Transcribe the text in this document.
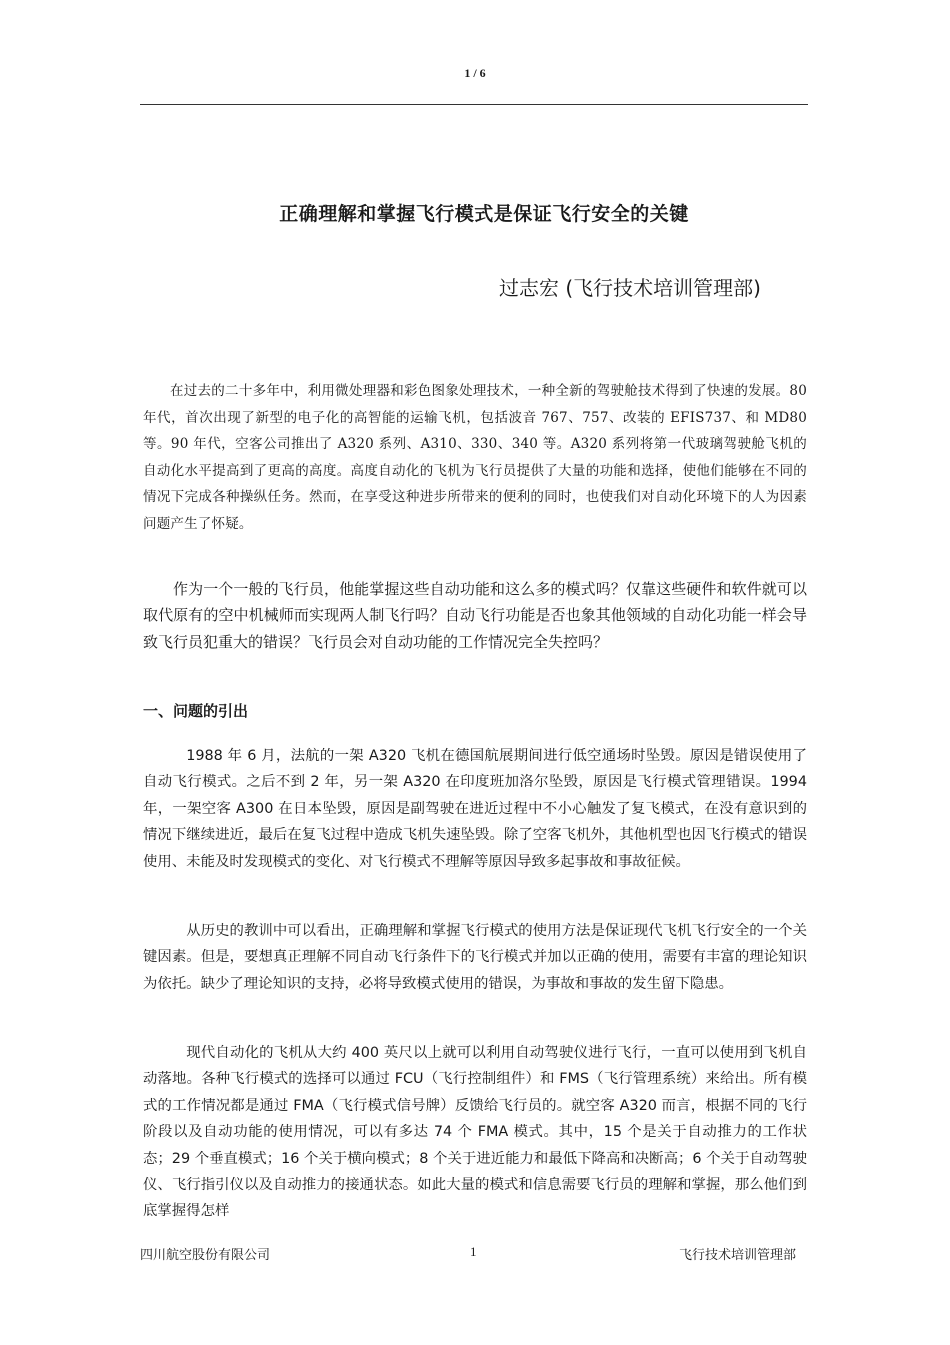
1 / 6
正确理解和掌握飞行模式是保证飞行安全的关键
过志宏 (飞行技术培训管理部)

在过去的二十多年中，利用微处理器和彩色图象处理技术，一种全新的驾驶舱技术得到了快速的发展。80 年代，首次出现了新型的电子化的高智能的运输飞机，包括波音 767、757、改装的 EFIS737、和 MD80 等。90 年代，空客公司推出了 A320 系列、A310、330、340 等。A320 系列将第一代玻璃驾驶舱飞机的自动化水平提高到了更高的高度。高度自动化的飞机为飞行员提供了大量的功能和选择，使他们能够在不同的情况下完成各种操纵任务。然而，在享受这种进步所带来的便利的同时，也使我们对自动化环境下的人为因素问题产生了怀疑。

作为一个一般的飞行员，他能掌握这些自动功能和这么多的模式吗？仅靠这些硬件和软件就可以取代原有的空中机械师而实现两人制飞行吗？自动飞行功能是否也象其他领域的自动化功能一样会导致飞行员犯重大的错误？飞行员会对自动功能的工作情况完全失控吗？

一、问题的引出

1988 年 6 月，法航的一架 A320 飞机在德国航展期间进行低空通场时坠毁。原因是错误使用了自动飞行模式。之后不到 2 年，另一架 A320 在印度班加洛尔坠毁，原因是飞行模式管理错误。1994 年，一架空客 A300 在日本坠毁，原因是副驾驶在进近过程中不小心触发了复飞模式，在没有意识到的情况下继续进近，最后在复飞过程中造成飞机失速坠毁。除了空客飞机外，其他机型也因飞行模式的错误使用、未能及时发现模式的变化、对飞行模式不理解等原因导致多起事故和事故征候。

从历史的教训中可以看出，正确理解和掌握飞行模式的使用方法是保证现代飞机飞行安全的一个关键因素。但是，要想真正理解不同自动飞行条件下的飞行模式并加以正确的使用，需要有丰富的理论知识为依托。缺少了理论知识的支持，必将导致模式使用的错误，为事故和事故的发生留下隐患。

现代自动化的飞机从大约 400 英尺以上就可以利用自动驾驶仪进行飞行，一直可以使用到飞机自动落地。各种飞行模式的选择可以通过 FCU（飞行控制组件）和 FMS（飞行管理系统）来给出。所有模式的工作情况都是通过 FMA（飞行模式信号牌）反馈给飞行员的。就空客 A320 而言，根据不同的飞行阶段以及自动功能的使用情况，可以有多达 74 个 FMA 模式。其中，15 个是关于自动推力的工作状态；29 个垂直模式；16 个关于横向模式；8 个关于进近能力和最低下降高和决断高；6 个关于自动驾驶仪、飞行指引仪以及自动推力的接通状态。如此大量的模式和信息需要飞行员的理解和掌握，那么他们到底掌握得怎样

四川航空股份有限公司	1	飞行技术培训管理部
